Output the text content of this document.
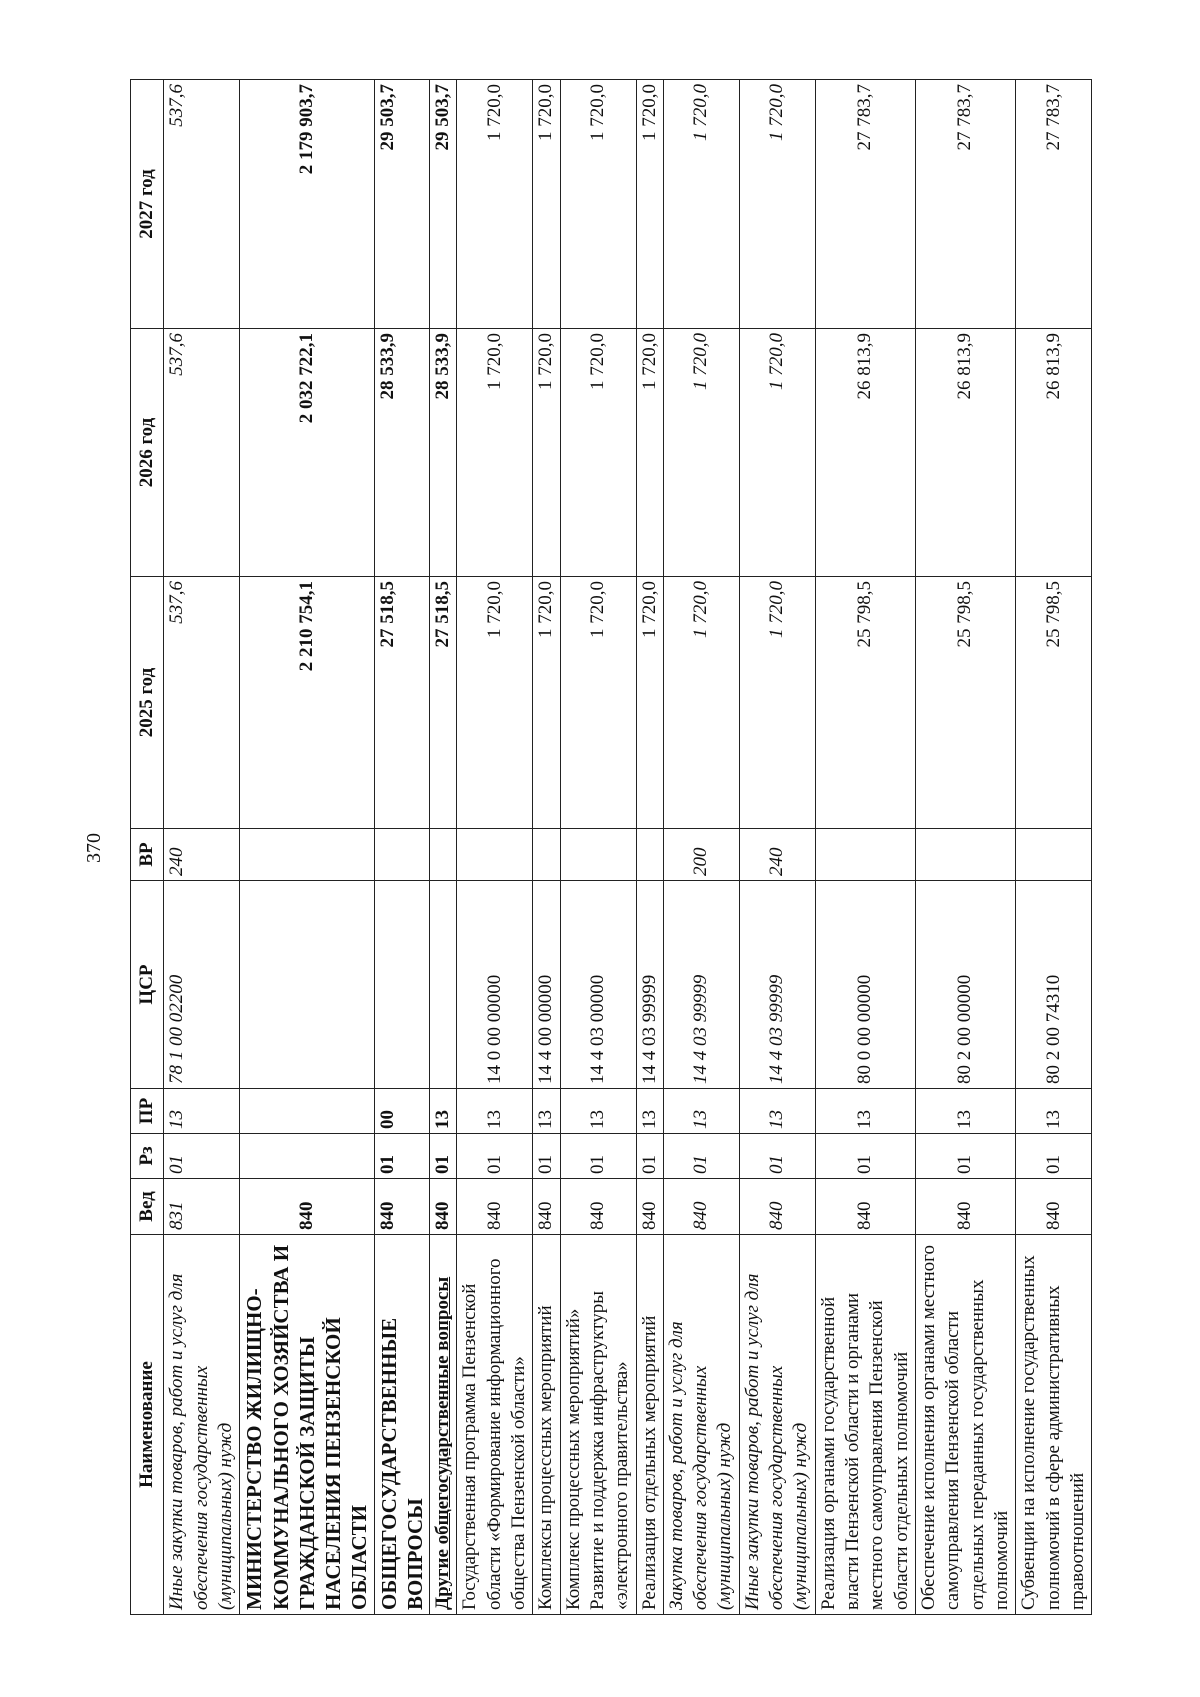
370
Наименование	Вед	Рз	ПР	ЦСР	ВР	2025 год	2026 год	2027 год
Иные закупки товаров, работ и услуг для обеспечения государственных (муниципальных) нужд	831	01	13	78 1 00 02200	240	537,6	537,6	537,6
МИНИСТЕРСТВО ЖИЛИЩНО-КОММУНАЛЬНОГО ХОЗЯЙСТВА И ГРАЖДАНСКОЙ ЗАЩИТЫ НАСЕЛЕНИЯ ПЕНЗЕНСКОЙ ОБЛАСТИ	840					2 210 754,1	2 032 722,1	2 179 903,7
ОБЩЕГОСУДАРСТВЕННЫЕ ВОПРОСЫ	840	01	00			27 518,5	28 533,9	29 503,7
Другие общегосударственные вопросы	840	01	13			27 518,5	28 533,9	29 503,7
Государственная программа Пензенской области «Формирование информационного общества Пензенской области»	840	01	13	14 0 00 00000		1 720,0	1 720,0	1 720,0
Комплексы процессных мероприятий	840	01	13	14 4 00 00000		1 720,0	1 720,0	1 720,0
Комплекс процессных мероприятий» Развитие и поддержка инфраструктуры «электронного правительства»	840	01	13	14 4 03 00000		1 720,0	1 720,0	1 720,0
Реализация отдельных мероприятий	840	01	13	14 4 03 99999		1 720,0	1 720,0	1 720,0
Закупка товаров, работ и услуг для обеспечения государственных (муниципальных) нужд	840	01	13	14 4 03 99999	200	1 720,0	1 720,0	1 720,0
Иные закупки товаров, работ и услуг для обеспечения государственных (муниципальных) нужд	840	01	13	14 4 03 99999	240	1 720,0	1 720,0	1 720,0
Реализация органами государственной власти Пензенской области и органами местного самоуправления Пензенской области отдельных полномочий	840	01	13	80 0 00 00000		25 798,5	26 813,9	27 783,7
Обеспечение исполнения органами местного самоуправления Пензенской области отдельных переданных государственных полномочий	840	01	13	80 2 00 00000		25 798,5	26 813,9	27 783,7
Субвенции на исполнение государственных полномочий в сфере административных правоотношений	840	01	13	80 2 00 74310		25 798,5	26 813,9	27 783,7
